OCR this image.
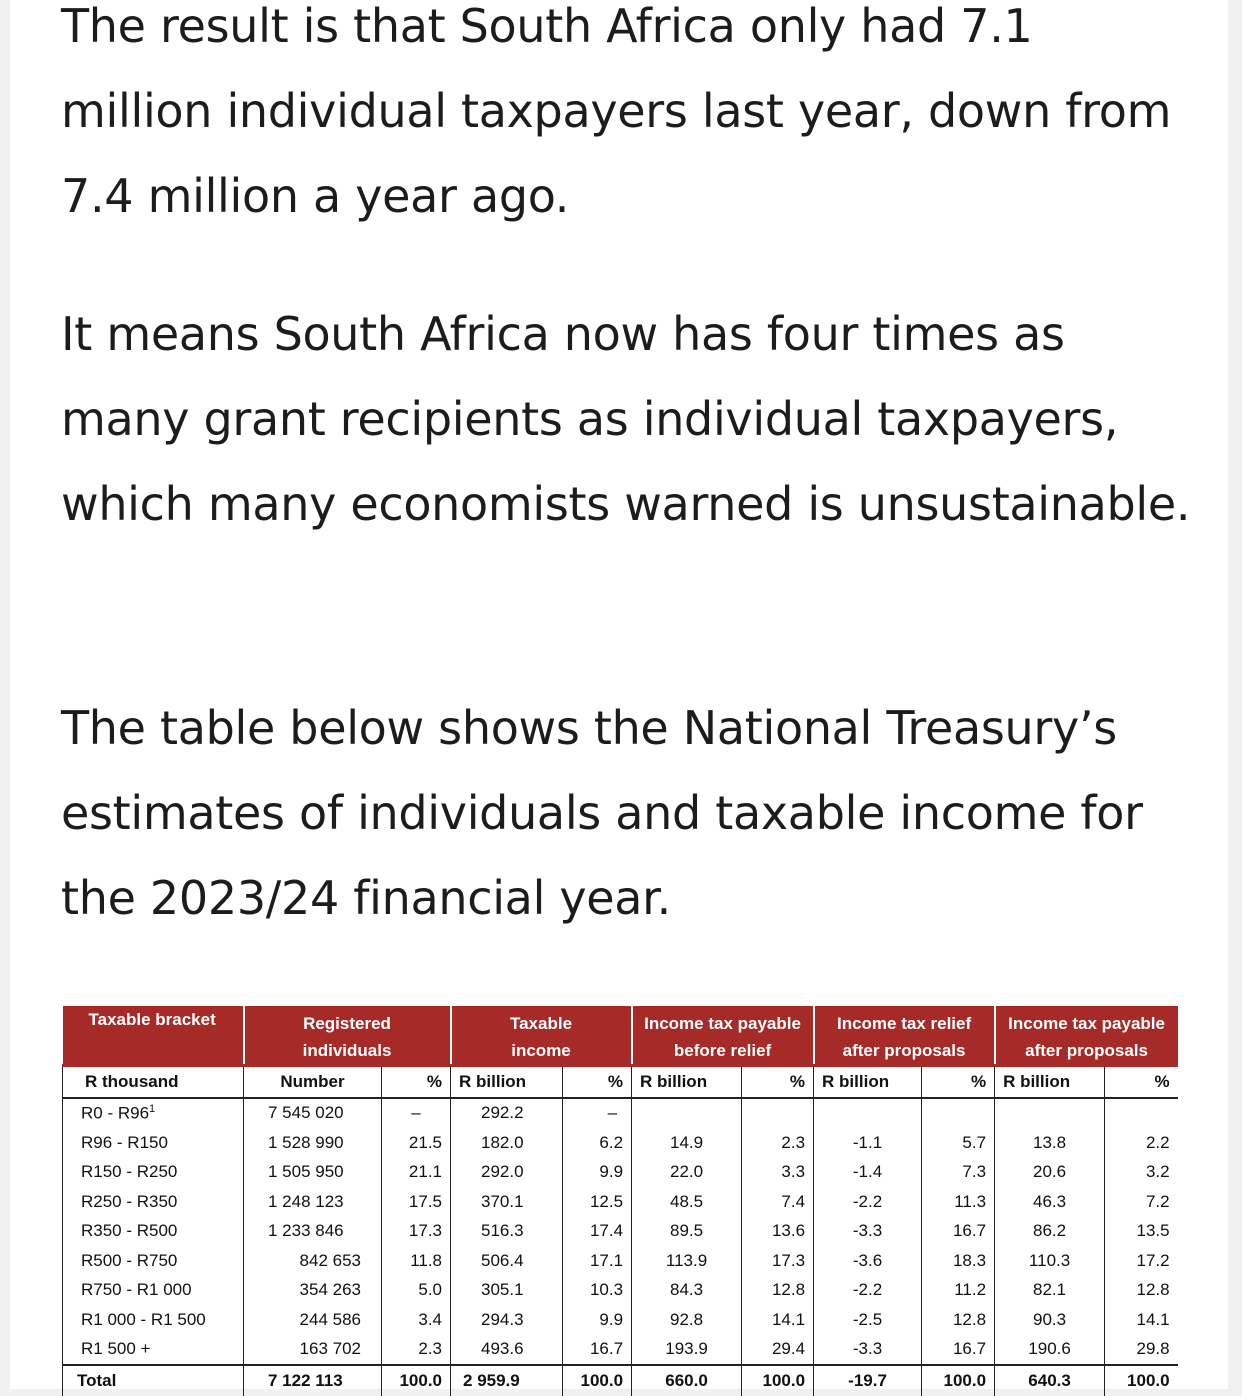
The result is that South Africa only had 7.1 million individual taxpayers last year, down from 7.4 million a year ago.

It means South Africa now has four times as many grant recipients as individual taxpayers, which many economists warned is unsustainable.

The table below shows the National Treasury’s estimates of individuals and taxable income for the 2023/24 financial year.

Taxable bracket	Registered individuals		Taxable income		Income tax payable before relief		Income tax relief after proposals		Income tax payable after proposals	
R thousand	Number	%	R billion	%	R billion	%	R billion	%	R billion	%
$R0 - R96^1$	7 545 020	–	292.2	–						
R96 - R150	1 528 990	21.5	182.0	6.2	14.9	2.3	-1.1	5.7	13.8	2.2
R150 - R250	1 505 950	21.1	292.0	9.9	22.0	3.3	-1.4	7.3	20.6	3.2
R250 - R350	1 248 123	17.5	370.1	12.5	48.5	7.4	-2.2	11.3	46.3	7.2
R350 - R500	1 233 846	17.3	516.3	17.4	89.5	13.6	-3.3	16.7	86.2	13.5
R500 - R750	842 653	11.8	506.4	17.1	113.9	17.3	-3.6	18.3	110.3	17.2
R750 - R1 000	354 263	5.0	305.1	10.3	84.3	12.8	-2.2	11.2	82.1	12.8
R1 000 - R1 500	244 586	3.4	294.3	9.9	92.8	14.1	-2.5	12.8	90.3	14.1
R1 500 +	163 702	2.3	493.6	16.7	193.9	29.4	-3.3	16.7	190.6	29.8
Total	7 122 113	100.0	2 959.9	100.0	660.0	100.0	-19.7	100.0	640.3	100.0
